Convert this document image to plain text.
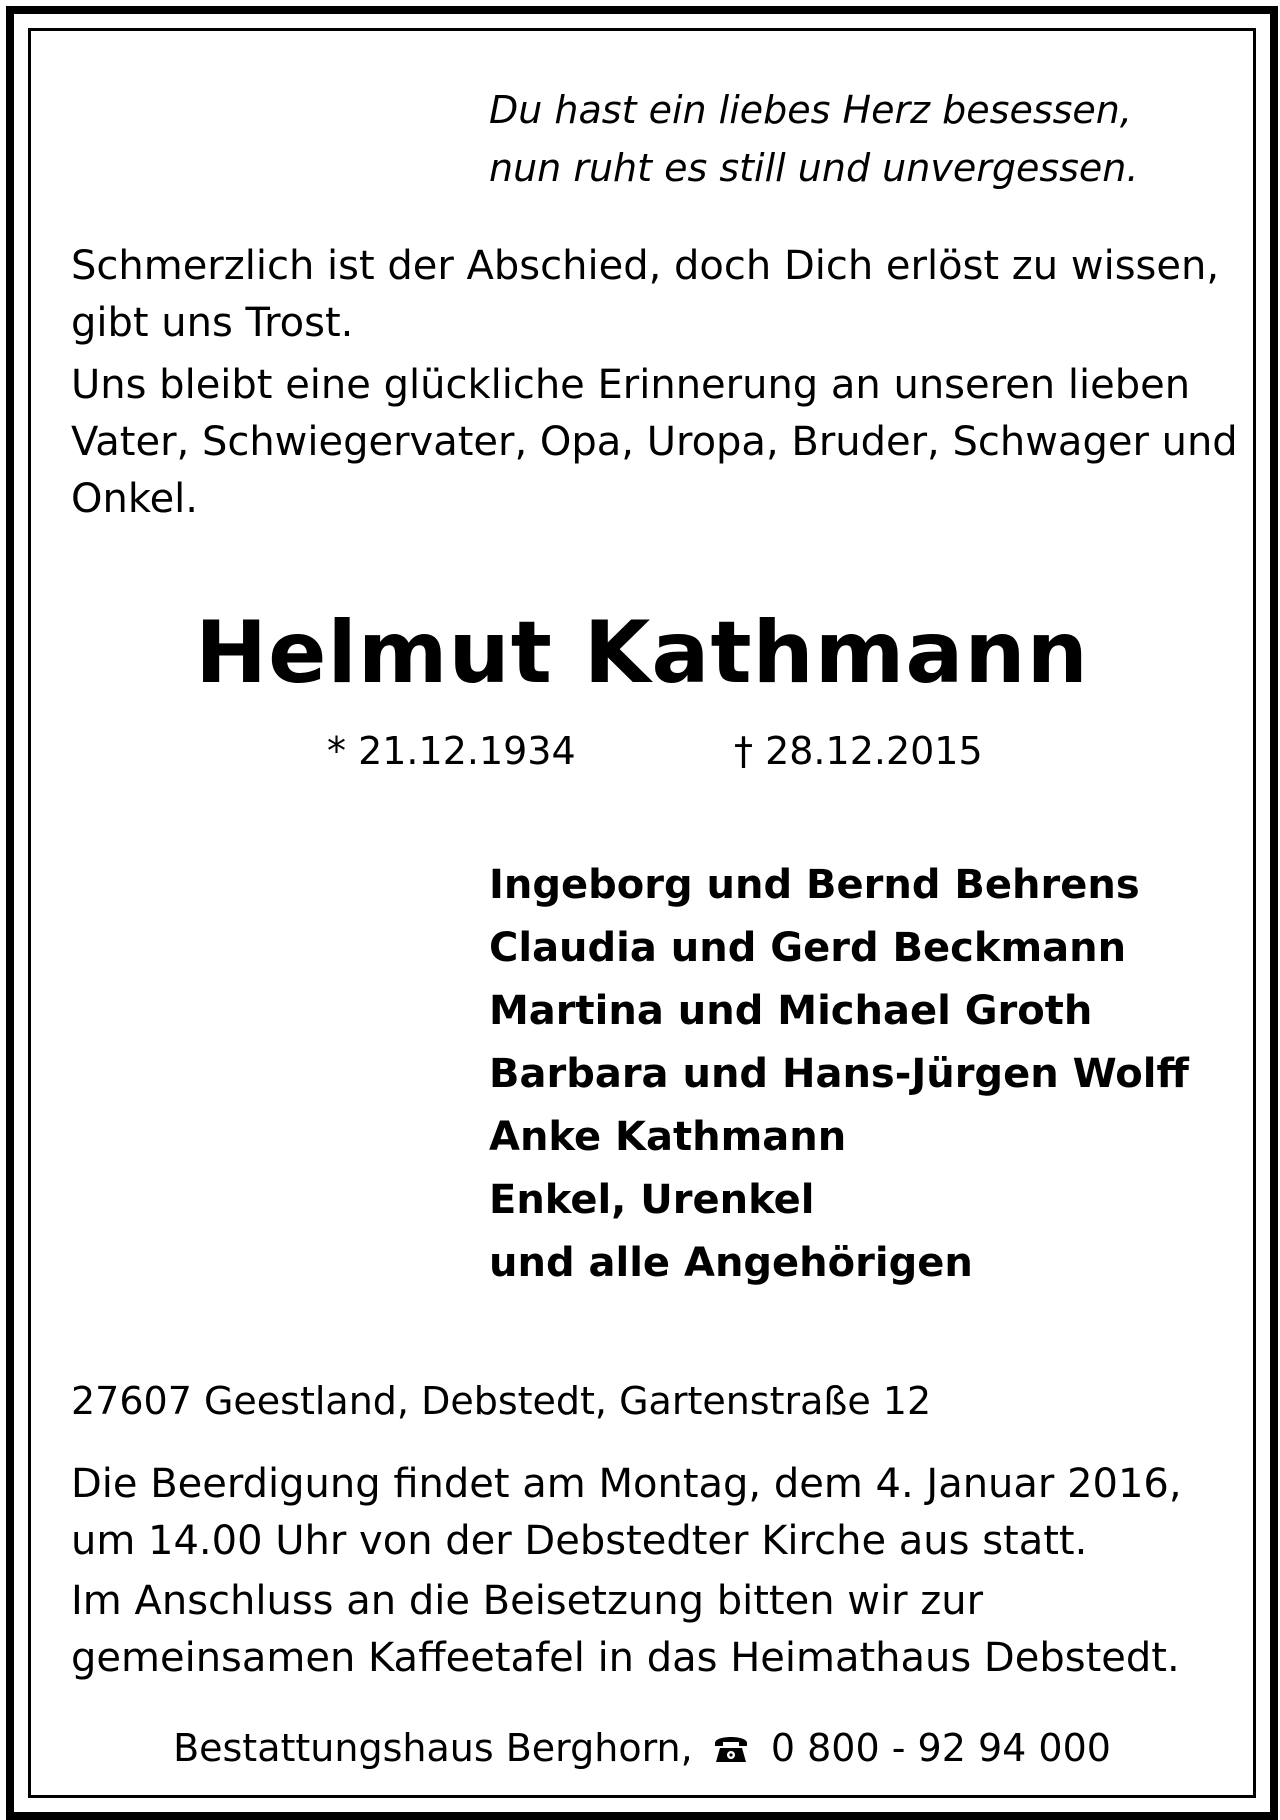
Du hast ein liebes Herz besessen,
nun ruht es still und unvergessen.
Schmerzlich ist der Abschied, doch Dich erlöst zu wissen, gibt uns Trost.
Uns bleibt eine glückliche Erinnerung an unseren lieben Vater, Schwiegervater, Opa, Uropa, Bruder, Schwager und Onkel.
Helmut Kathmann
* 21.12.1934	† 28.12.2015
Ingeborg und Bernd Behrens
Claudia und Gerd Beckmann
Martina und Michael Groth
Barbara und Hans-Jürgen Wolff
Anke Kathmann
Enkel, Urenkel
und alle Angehörigen
27607 Geestland, Debstedt, Gartenstraße 12
Die Beerdigung findet am Montag, dem 4. Januar 2016, um 14.00 Uhr von der Debstedter Kirche aus statt.
Im Anschluss an die Beisetzung bitten wir zur gemeinsamen Kaffeetafel in das Heimathaus Debstedt.
Bestattungshaus Berghorn, 0 800 - 92 94 000
